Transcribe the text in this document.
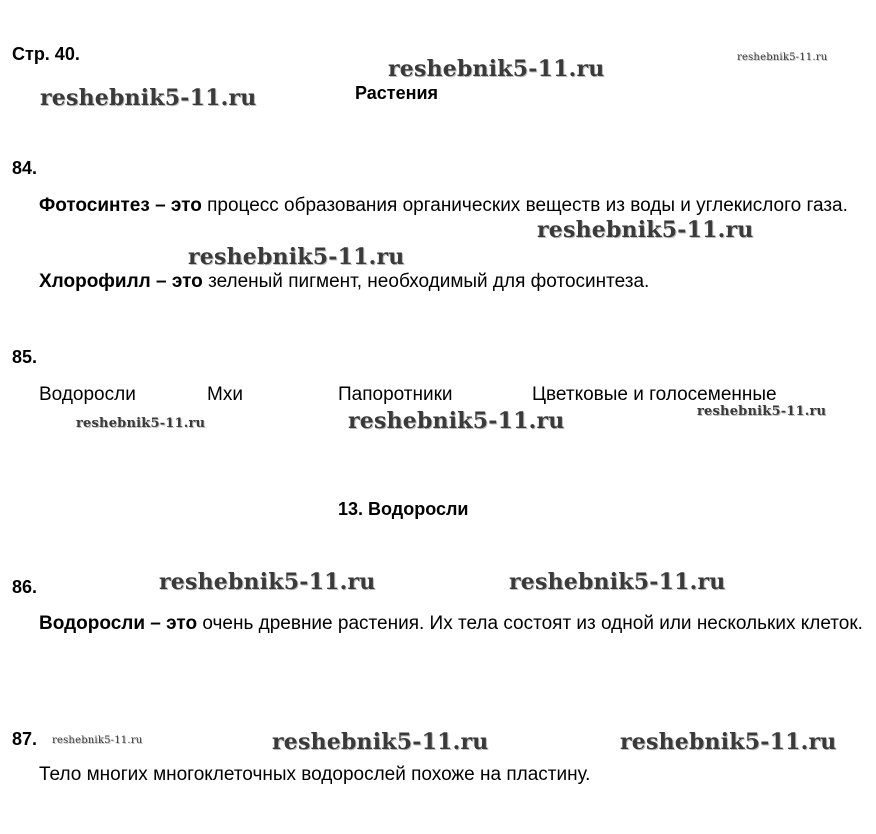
Стр. 40.
Растения
84.

Фотосинтез – это процесс образования органических веществ из воды и углекислого газа.

Хлорофилл – это зеленый пигмент, необходимый для фотосинтеза.

85.
Водоросли	Мхи	Папоротники	Цветковые и голосеменные
13. Водоросли
86.

Водоросли – это очень древние растения. Их тела состоят из одной или нескольких клеток.

87.

Тело многих многоклеточных водорослей похоже на пластину.

reshebnik5-11.ru	reshebnik5-11.ru
reshebnik5-11.ru
reshebnik5-11.ru
reshebnik5-11.ru
reshebnik5-11.ru
reshebnik5-11.ru	reshebnik5-11.ru
reshebnik5-11.ru	reshebnik5-11.ru
reshebnik5-11.ru	reshebnik5-11.ru	reshebnik5-11.ru
